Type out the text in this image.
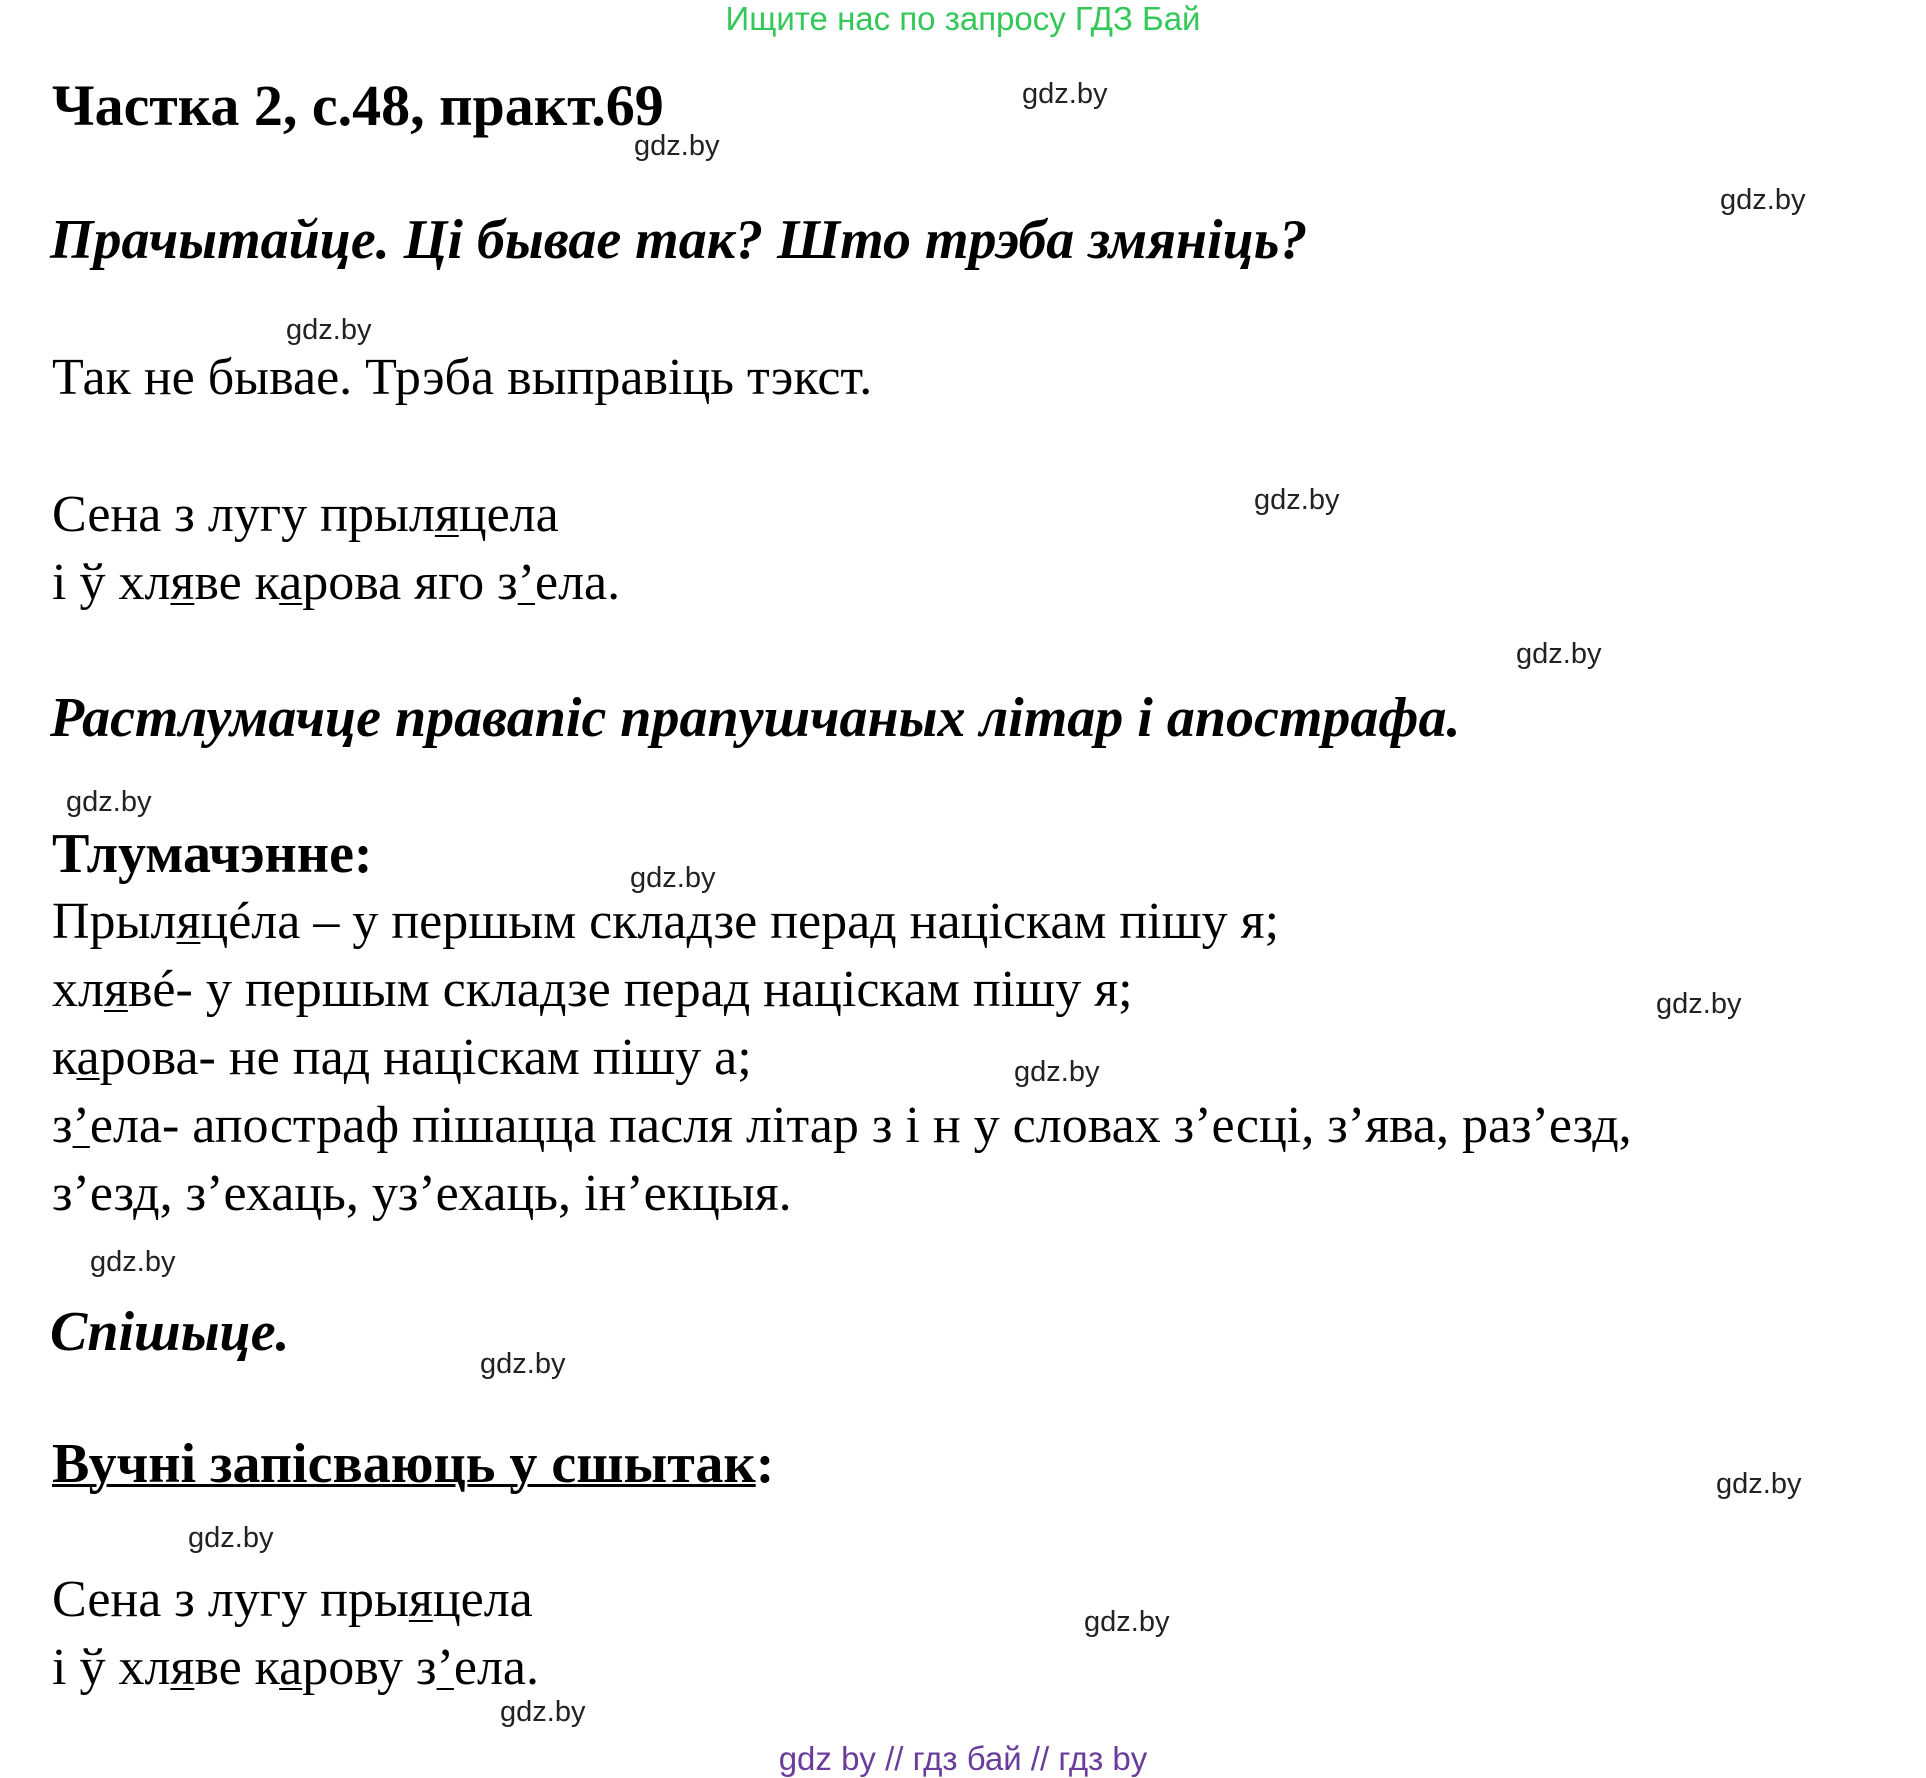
Ищите нас по запросу ГДЗ Бай
gdz by // гдз бай // гдз by
Частка 2, с.48, практ.69
Прачытайце. Ці бывае так? Што трэба змяніць?
Так не бывае. Трэба выправіць тэкст.
Сена з лугу прыляцела
і ў хляве карова яго з’ела.
Растлумачце правапіс прапушчаных літар і апострафа.
Тлумачэнне:
Прыляцéла – у першым складзе перад націскам пішу я;
хлявé- у першым складзе перад націскам пішу я;
карова- не пад націскам пішу а;
з’ела- апостраф пішацца пасля літар з і н у словах з’есці, з’ява, раз’езд,
з’езд, з’ехаць, уз’ехаць, ін’екцыя.
Спішыце.
Вучні запісваюць у сшытак:
Сена з лугу прыяцела
і ў хляве карову з’ела.
gdz.by
gdz.by
gdz.by
gdz.by
gdz.by
gdz.by
gdz.by
gdz.by
gdz.by
gdz.by
gdz.by
gdz.by
gdz.by
gdz.by
gdz.by
gdz.by
